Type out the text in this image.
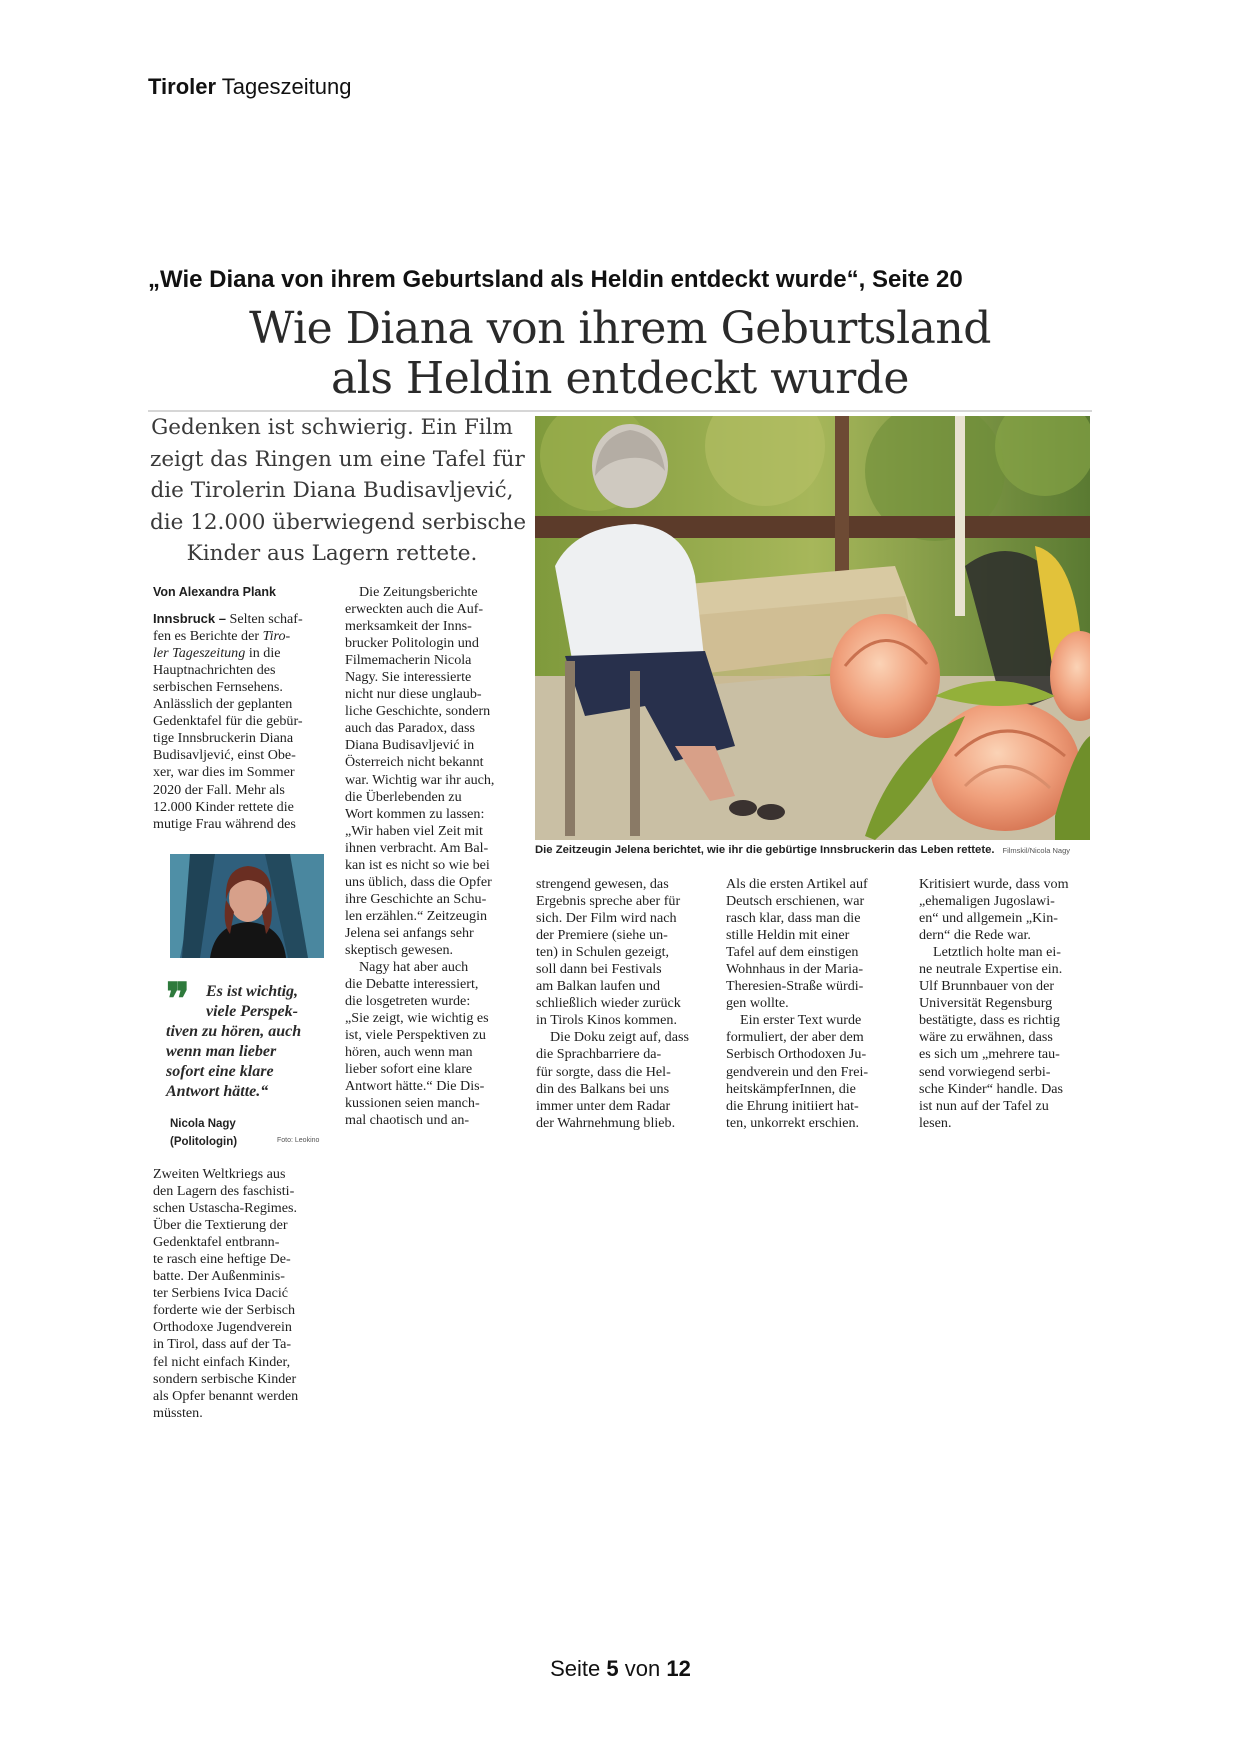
Tiroler Tageszeitung
„Wie Diana von ihrem Geburtsland als Heldin entdeckt wurde“, Seite 20
Wie Diana von ihrem Geburtsland
als Heldin entdeckt wurde
Gedenken ist schwierig. Ein Film
zeigt das Ringen um eine Tafel für
die Tirolerin Diana Budisavljević,
die 12.000 überwiegend serbische
Kinder aus Lagern rettete.
Von Alexandra Plank
Innsbruck – Selten schaf-
fen es Berichte der Tiro-
ler Tageszeitung in die
Hauptnachrichten des
serbischen Fernsehens.
Anlässlich der geplanten
Gedenktafel für die gebür-
tige Innsbruckerin Diana
Budisavljević, einst Obe-
xer, war dies im Sommer
2020 der Fall. Mehr als
12.000 Kinder rettete die
mutige Frau während des
❞	Es ist wichtig,
viele Perspek-
tiven zu hören, auch
wenn man lieber
sofort eine klare
Antwort hätte.“
Nicola Nagy
(Politologin)	Foto: Leokino
Zweiten Weltkriegs aus
den Lagern des faschisti-
schen Ustascha-Regimes.
Über die Textierung der
Gedenktafel entbrann-
te rasch eine heftige De-
batte. Der Außenminis-
ter Serbiens Ivica Dacić
forderte wie der Serbisch
Orthodoxe Jugendverein
in Tirol, dass auf der Ta-
fel nicht einfach Kinder,
sondern serbische Kinder
als Opfer benannt werden
müssten.
Die Zeitungsberichte
erweckten auch die Auf-
merksamkeit der Inns-
brucker Politologin und
Filmemacherin Nicola
Nagy. Sie interessierte
nicht nur diese unglaub-
liche Geschichte, sondern
auch das Paradox, dass
Diana Budisavljević in
Österreich nicht bekannt
war. Wichtig war ihr auch,
die Überlebenden zu
Wort kommen zu lassen:
„Wir haben viel Zeit mit
ihnen verbracht. Am Bal-
kan ist es nicht so wie bei
uns üblich, dass die Opfer
ihre Geschichte an Schu-
len erzählen.“ Zeitzeugin
Jelena sei anfangs sehr
skeptisch gewesen.
Nagy hat aber auch
die Debatte interessiert,
die losgetreten wurde:
„Sie zeigt, wie wichtig es
ist, viele Perspektiven zu
hören, auch wenn man
lieber sofort eine klare
Antwort hätte.“ Die Dis-
kussionen seien manch-
mal chaotisch und an-
Die Zeitzeugin Jelena berichtet, wie ihr die gebürtige Innsbruckerin das Leben rettete. Filmskil/Nicola Nagy
strengend gewesen, das
Ergebnis spreche aber für
sich. Der Film wird nach
der Premiere (siehe un-
ten) in Schulen gezeigt,
soll dann bei Festivals
am Balkan laufen und
schließlich wieder zurück
in Tirols Kinos kommen.
Die Doku zeigt auf, dass
die Sprachbarriere da-
für sorgte, dass die Hel-
din des Balkans bei uns
immer unter dem Radar
der Wahrnehmung blieb.
Als die ersten Artikel auf
Deutsch erschienen, war
rasch klar, dass man die
stille Heldin mit einer
Tafel auf dem einstigen
Wohnhaus in der Maria-
Theresien-Straße würdi-
gen wollte.
Ein erster Text wurde
formuliert, der aber dem
Serbisch Orthodoxen Ju-
gendverein und den Frei-
heitskämpferInnen, die
die Ehrung initiiert hat-
ten, unkorrekt erschien.
Kritisiert wurde, dass vom
„ehemaligen Jugoslawi-
en“ und allgemein „Kin-
dern“ die Rede war.
Letztlich holte man ei-
ne neutrale Expertise ein.
Ulf Brunnbauer von der
Universität Regensburg
bestätigte, dass es richtig
wäre zu erwähnen, dass
es sich um „mehrere tau-
send vorwiegend serbi-
sche Kinder“ handle. Das
ist nun auf der Tafel zu
lesen.
Seite 5 von 12
